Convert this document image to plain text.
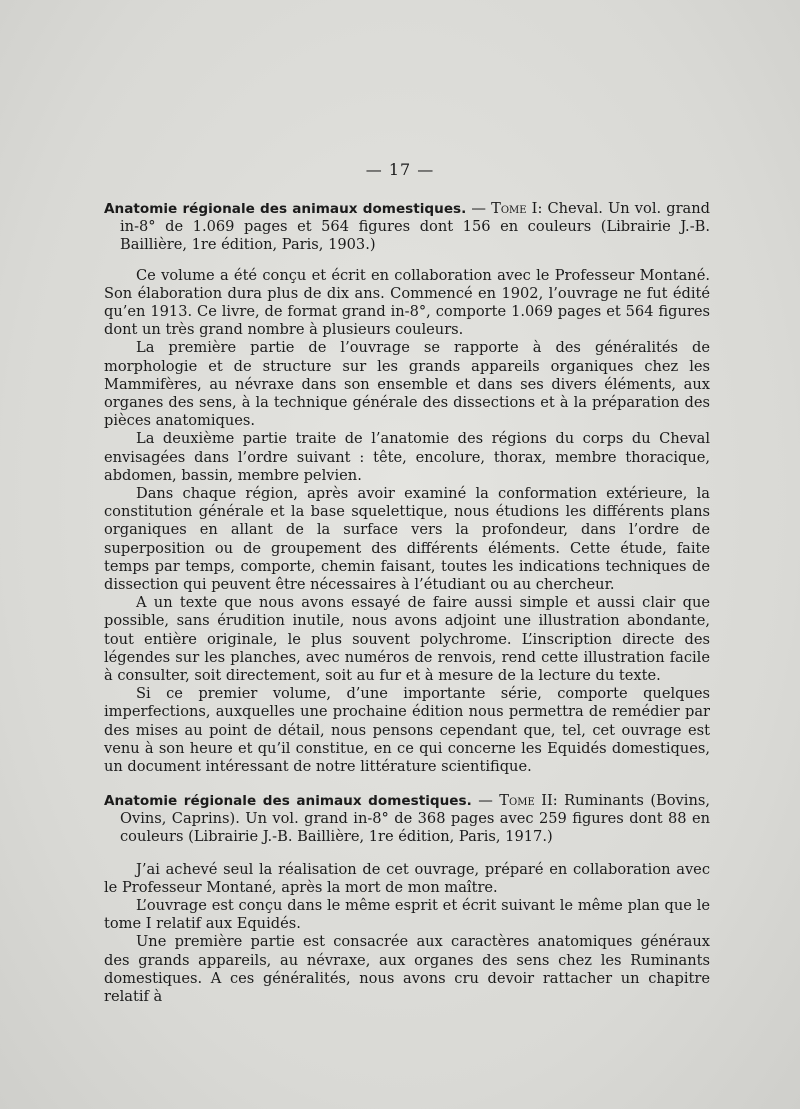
— 17 —

Anatomie régionale des animaux domestiques. — Tome I: Cheval. Un vol. grand in-8° de 1.069 pages et 564 figures dont 156 en couleurs (Librairie J.-B. Baillière, 1re édition, Paris, 1903.)

Ce volume a été conçu et écrit en collaboration avec le Professeur Montané. Son élaboration dura plus de dix ans. Commencé en 1902, l’ouvrage ne fut édité qu’en 1913. Ce livre, de format grand in-8°, comporte 1.069 pages et 564 figures dont un très grand nombre à plusieurs couleurs.

La première partie de l’ouvrage se rapporte à des généralités de morphologie et de structure sur les grands appareils organiques chez les Mammifères, au névraxe dans son ensemble et dans ses divers éléments, aux organes des sens, à la technique générale des dissections et à la préparation des pièces anatomiques.

La deuxième partie traite de l’anatomie des régions du corps du Cheval envisagées dans l’ordre suivant : tête, encolure, thorax, membre thoracique, abdomen, bassin, membre pelvien.

Dans chaque région, après avoir examiné la conformation extérieure, la constitution générale et la base squelettique, nous étudions les différents plans organiques en allant de la surface vers la profondeur, dans l’ordre de superposition ou de groupement des différents éléments. Cette étude, faite temps par temps, comporte, chemin faisant, toutes les indications techniques de dissection qui peuvent être nécessaires à l’étudiant ou au chercheur.

A un texte que nous avons essayé de faire aussi simple et aussi clair que possible, sans érudition inutile, nous avons adjoint une illustration abondante, tout entière originale, le plus souvent polychrome. L’inscription directe des légendes sur les planches, avec numéros de renvois, rend cette illustration facile à consulter, soit directement, soit au fur et à mesure de la lecture du texte.

Si ce premier volume, d’une importante série, comporte quelques imperfections, auxquelles une prochaine édition nous permettra de remédier par des mises au point de détail, nous pensons cependant que, tel, cet ouvrage est venu à son heure et qu’il constitue, en ce qui concerne les Equidés domestiques, un document intéressant de notre littérature scientifique.

Anatomie régionale des animaux domestiques. — Tome II: Ruminants (Bovins, Ovins, Caprins). Un vol. grand in-8° de 368 pages avec 259 figures dont 88 en couleurs (Librairie J.-B. Baillière, 1re édition, Paris, 1917.)

J’ai achevé seul la réalisation de cet ouvrage, préparé en collaboration avec le Professeur Montané, après la mort de mon maître.

L’ouvrage est conçu dans le même esprit et écrit suivant le même plan que le tome I relatif aux Equidés.

Une première partie est consacrée aux caractères anatomiques généraux des grands appareils, au névraxe, aux organes des sens chez les Ruminants domestiques. A ces généralités, nous avons cru devoir rattacher un chapitre relatif à
